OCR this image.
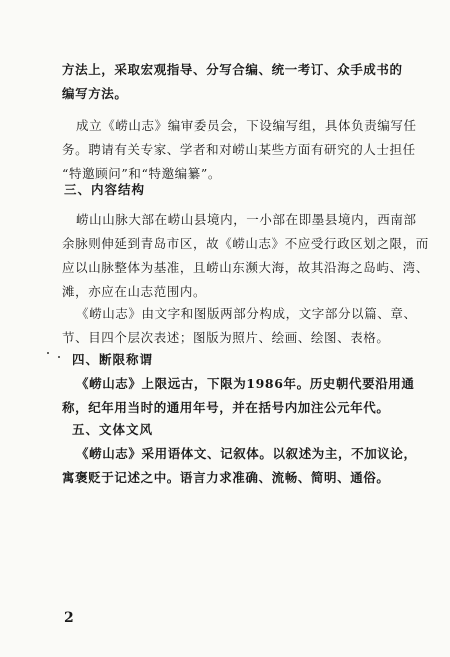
方法上，采取宏观指导、分写合编、统一考订、众手成书的
编写方法。
成立《崂山志》编审委员会，下设编写组，具体负责编写任
务。聘请有关专家、学者和对崂山某些方面有研究的人士担任
“特邀顾问”和“特邀编纂”。
三、内容结构
崂山山脉大部在崂山县境内，一小部在即墨县境内，西南部
余脉则伸延到青岛市区，故《崂山志》不应受行政区划之限，而
应以山脉整体为基准，且崂山东濒大海，故其沿海之岛屿、湾、
滩，亦应在山志范围内。
《崂山志》由文字和图版两部分构成，文字部分以篇、章、
节、目四个层次表述；图版为照片、绘画、绘图、表格。
四、断限称谓
《崂山志》上限远古，下限为1986年。历史朝代要沿用通
称，纪年用当时的通用年号，并在括号内加注公元年代。
五、文体文风
《崂山志》采用语体文、记叙体。以叙述为主，不加议论，
寓褒贬于记述之中。语言力求准确、流畅、简明、通俗。
2
